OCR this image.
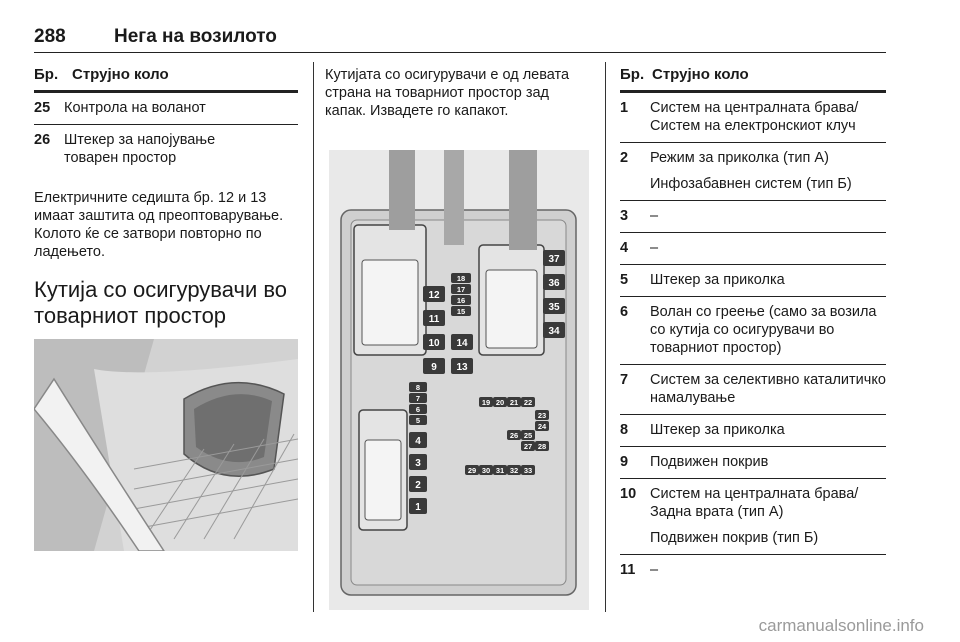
288	Нега на возилото
Бр. Струјно коло
25 Контрола на воланот
26 Штекер за напојување товарен простор
Електричните седишта бр. 12 и 13 имаат заштита од преоптоварување. Колото ќе се затвори повторно по ладењето.
Кутија со осигурувачи во товарниот простор
Кутијата со осигурувачи е од левата страна на товарниот простор зад капак. Извадете го капакот.
37
36
35
34
18
17
16
15
12
11
10
9
14
13
8
7
6
5
4
3
2
1
19 20 21 22
23
24
25
26
27 28
29 30 31 32 33
Бр. Струјно коло
1	Систем на централната брава/Систем на електронскиот клуч
2	Режим за приколка (тип А)
Инфозабавнен систем (тип Б)
3	–
4	–
5	Штекер за приколка
6	Волан со греење (само за возила со кутија со осигурувачи во товарниот простор)
7	Систем за селективно каталитичко намалување
8	Штекер за приколка
9	Подвижен покрив
10 Систем на централната брава/Задна врата (тип А)
Подвижен покрив (тип Б)
11	–
carmanualsonline.info
